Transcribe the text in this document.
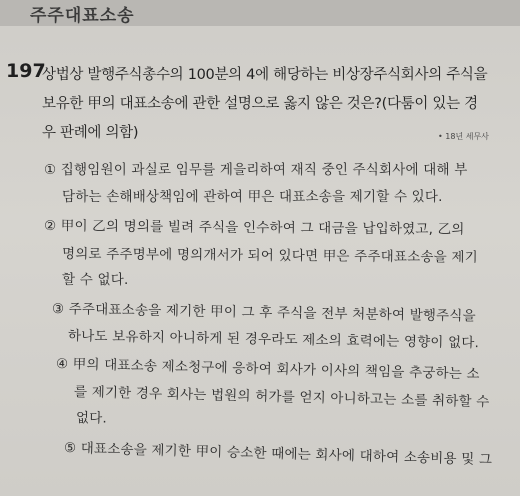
주주대표소송
197
상법상 발행주식총수의 100분의 4에 해당하는 비상장주식회사의 주식을
보유한 甲의 대표소송에 관한 설명으로 옳지 않은 것은?(다툼이 있는 경
우 판례에 의함)	• 18년 세무사
① 집행임원이 과실로 임무를 게을리하여 재직 중인 주식회사에 대해 부
담하는 손해배상책임에 관하여 甲은 대표소송을 제기할 수 있다.
② 甲이 乙의 명의를 빌려 주식을 인수하여 그 대금을 납입하였고, 乙의
명의로 주주명부에 명의개서가 되어 있다면 甲은 주주대표소송을 제기
할 수 없다.
③ 주주대표소송을 제기한 甲이 그 후 주식을 전부 처분하여 발행주식을
하나도 보유하지 아니하게 된 경우라도 제소의 효력에는 영향이 없다.
④ 甲의 대표소송 제소청구에 응하여 회사가 이사의 책임을 추궁하는 소
를 제기한 경우 회사는 법원의 허가를 얻지 아니하고는 소를 취하할 수
없다.
⑤ 대표소송을 제기한 甲이 승소한 때에는 회사에 대하여 소송비용 및 그
